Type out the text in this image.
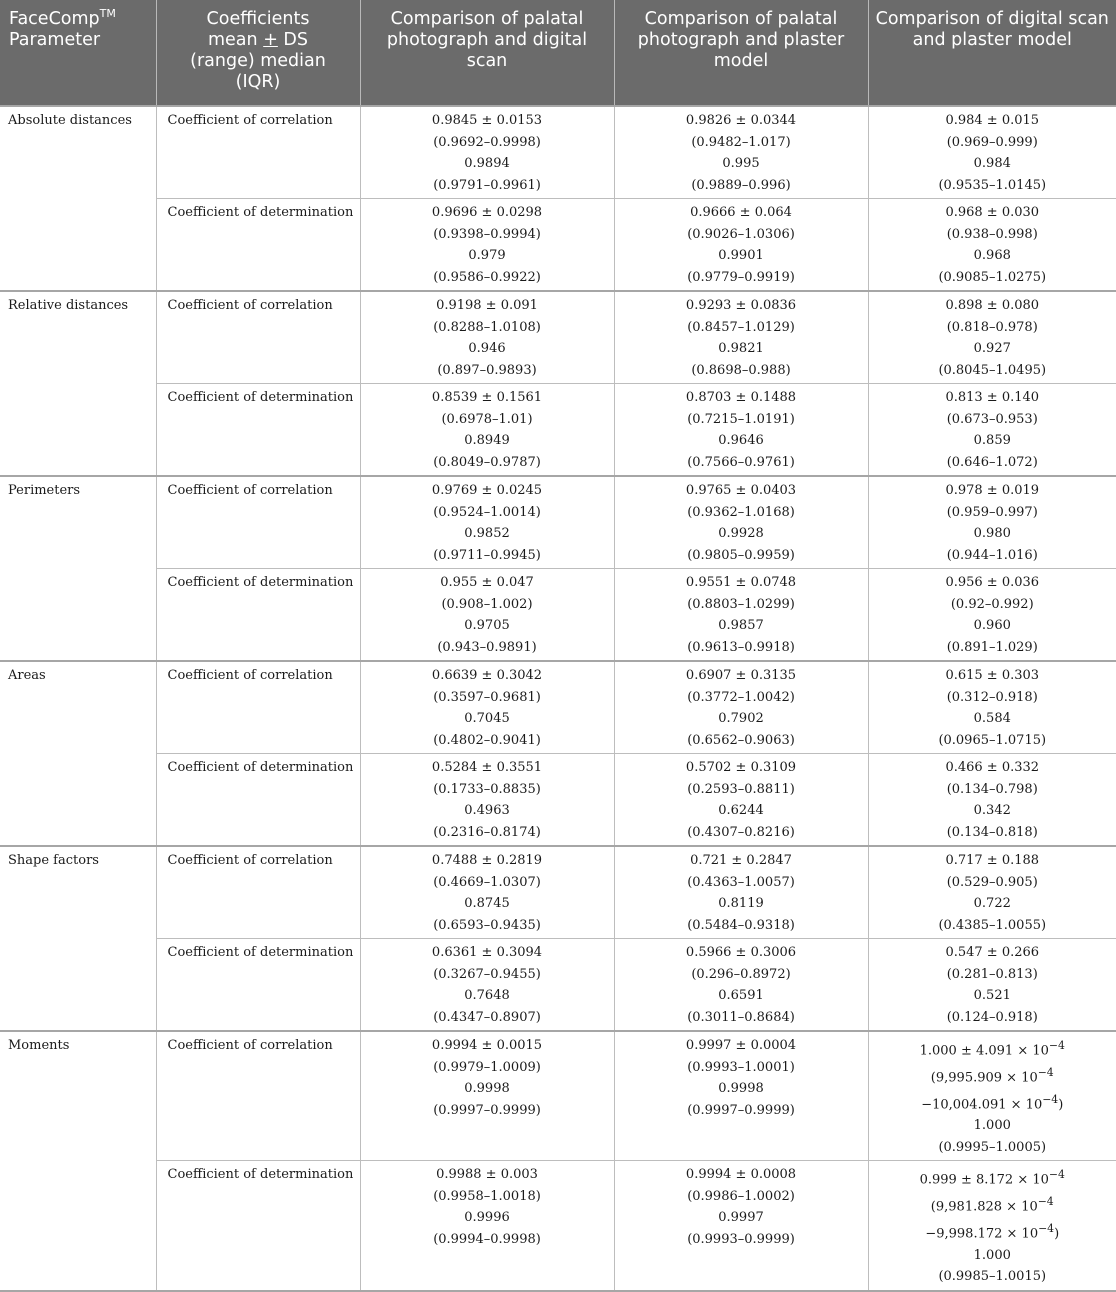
FaceComp™
Parameter	Coefficients
mean + DS
(range) median
(IQR)	Comparison of palatal photograph and digital scan	Comparison of palatal photograph and plaster model	Comparison of digital scan and plaster model
Absolute distances	Coefficient of correlation	0.9845 ± 0.0153
(0.9692–0.9998)
0.9894
(0.9791–0.9961)	0.9826 ± 0.0344
(0.9482–1.017)
0.995
(0.9889–0.996)	0.984 ± 0.015
(0.969–0.999)
0.984
(0.9535–1.0145)

	Coefficient of determination	0.9696 ± 0.0298
(0.9398–0.9994)
0.979
(0.9586–0.9922)	0.9666 ± 0.064
(0.9026–1.0306)
0.9901
(0.9779–0.9919)	0.968 ± 0.030
(0.938–0.998)
0.968
(0.9085–1.0275)

Relative distances	Coefficient of correlation	0.9198 ± 0.091
(0.8288–1.0108)
0.946
(0.897–0.9893)	0.9293 ± 0.0836
(0.8457–1.0129)
0.9821
(0.8698–0.988)	0.898 ± 0.080
(0.818–0.978)
0.927
(0.8045–1.0495)

	Coefficient of determination	0.8539 ± 0.1561
(0.6978–1.01)
0.8949
(0.8049–0.9787)	0.8703 ± 0.1488
(0.7215–1.0191)
0.9646
(0.7566–0.9761)	0.813 ± 0.140
(0.673–0.953)
0.859
(0.646–1.072)

Perimeters	Coefficient of correlation	0.9769 ± 0.0245
(0.9524–1.0014)
0.9852
(0.9711–0.9945)	0.9765 ± 0.0403
(0.9362–1.0168)
0.9928
(0.9805–0.9959)	0.978 ± 0.019
(0.959–0.997)
0.980
(0.944–1.016)

	Coefficient of determination	0.955 ± 0.047
(0.908–1.002)
0.9705
(0.943–0.9891)	0.9551 ± 0.0748
(0.8803–1.0299)
0.9857
(0.9613–0.9918)	0.956 ± 0.036
(0.92–0.992)
0.960
(0.891–1.029)

Areas	Coefficient of correlation	0.6639 ± 0.3042
(0.3597–0.9681)
0.7045
(0.4802–0.9041)	0.6907 ± 0.3135
(0.3772–1.0042)
0.7902
(0.6562–0.9063)	0.615 ± 0.303
(0.312–0.918)
0.584
(0.0965–1.0715)

	Coefficient of determination	0.5284 ± 0.3551
(0.1733–0.8835)
0.4963
(0.2316–0.8174)	0.5702 ± 0.3109
(0.2593–0.8811)
0.6244
(0.4307–0.8216)	0.466 ± 0.332
(0.134–0.798)
0.342
(0.134–0.818)

Shape factors	Coefficient of correlation	0.7488 ± 0.2819
(0.4669–1.0307)
0.8745
(0.6593–0.9435)	0.721 ± 0.2847
(0.4363–1.0057)
0.8119
(0.5484–0.9318)	0.717 ± 0.188
(0.529–0.905)
0.722
(0.4385–1.0055)

	Coefficient of determination	0.6361 ± 0.3094
(0.3267–0.9455)
0.7648
(0.4347–0.8907)	0.5966 ± 0.3006
(0.296–0.8972)
0.6591
(0.3011–0.8684)	0.547 ± 0.266
(0.281–0.813)
0.521
(0.124–0.918)

Moments	Coefficient of correlation	0.9994 ± 0.0015
(0.9979–1.0009)
0.9998
(0.9997–0.9999)	0.9997 ± 0.0004
(0.9993–1.0001)
0.9998
(0.9997–0.9999)	$1.000 \pm 4.091 \times 10^{-4}$
($9,995.909 \times 10^{-4}$
$-10,004.091 \times 10^{-4}$)
1.000
(0.9995–1.0005)

	Coefficient of determination	0.9988 ± 0.003
(0.9958–1.0018)
0.9996
(0.9994–0.9998)	0.9994 ± 0.0008
(0.9986–1.0002)
0.9997
(0.9993–0.9999)	$0.999 \pm 8.172 \times 10^{-4}$
($9,981.828 \times 10^{-4}$
$-9,998.172 \times 10^{-4}$)
1.000
(0.9985–1.0015)
